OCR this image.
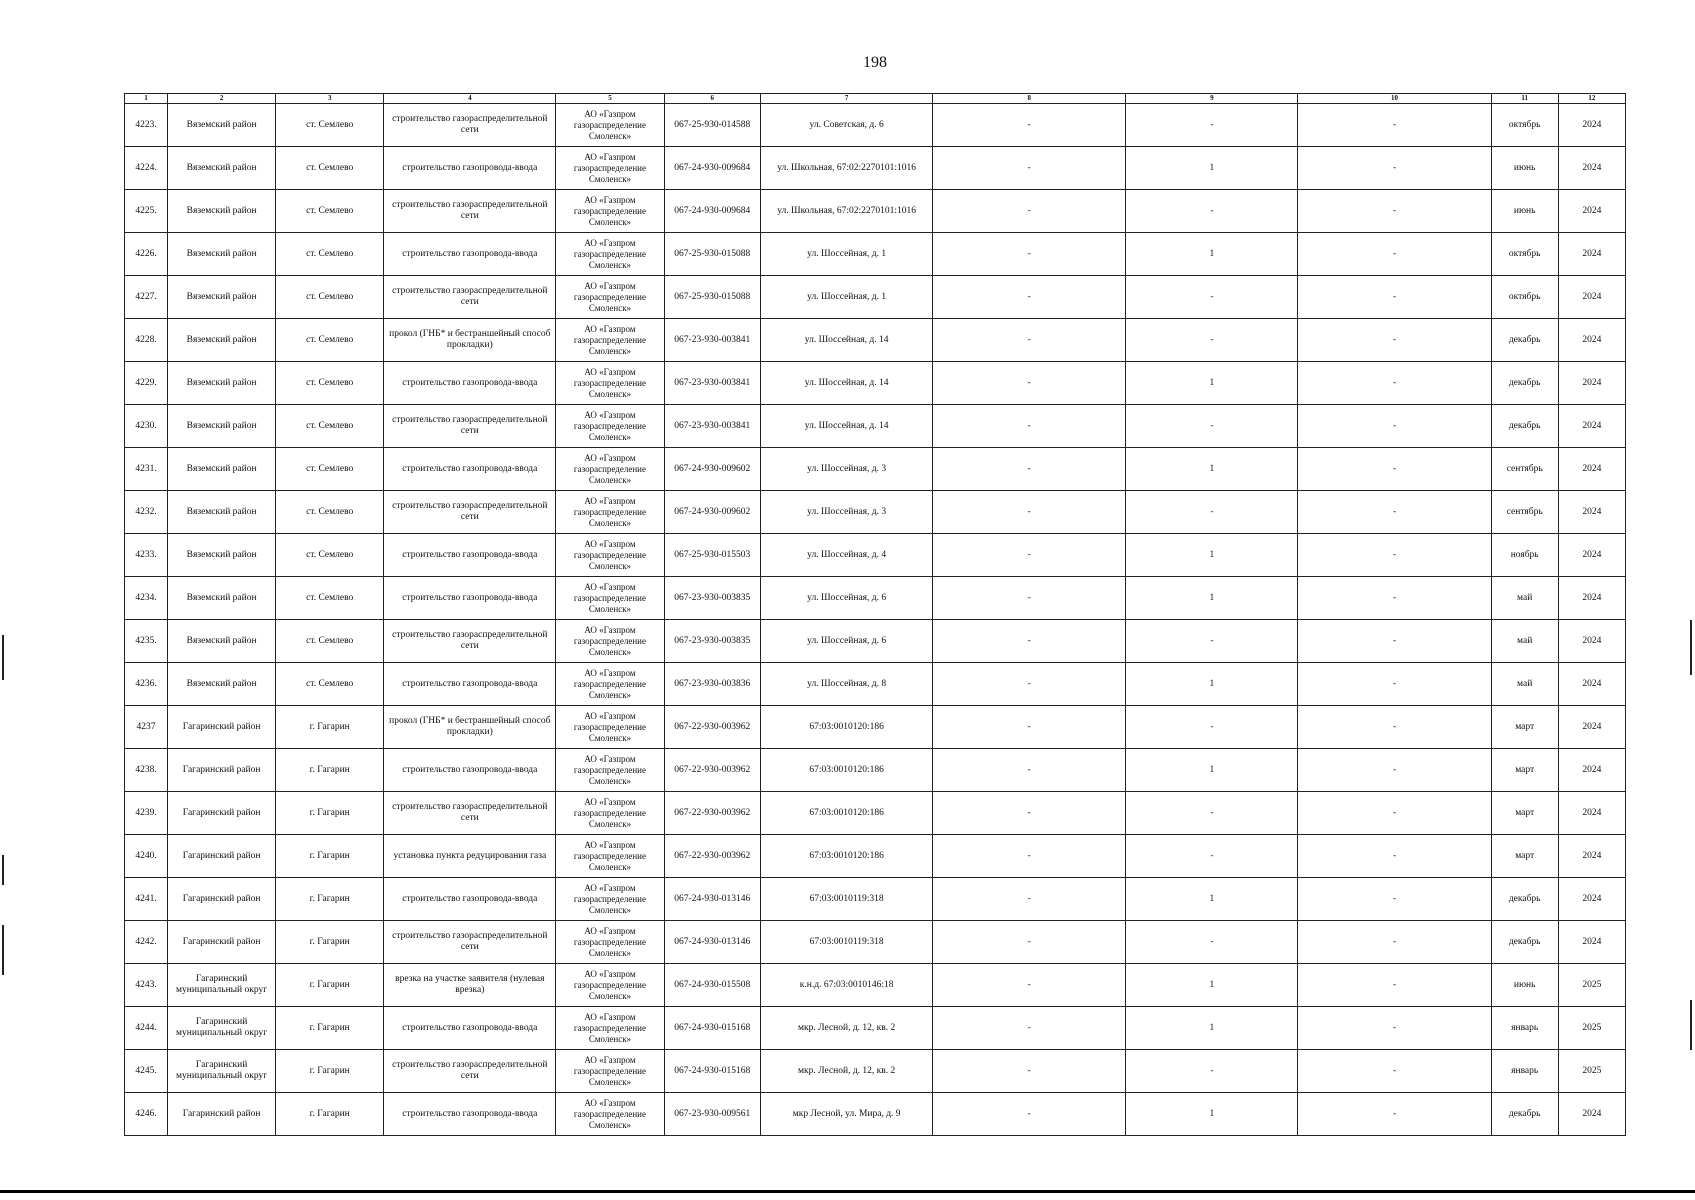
198
1	2	3	4	5	6	7	8	9	10	11	12
4223.	Вяземский район	ст. Семлево	строительство газораспределительной сети	АО «Газпром газораспределение Смоленск»	067-25-930-014588	ул. Советская, д. 6	-	-	-	октябрь	2024
4224.	Вяземский район	ст. Семлево	строительство газопровода-ввода	АО «Газпром газораспределение Смоленск»	067-24-930-009684	ул. Школьная, 67:02:2270101:1016	-	1	-	июнь	2024
4225.	Вяземский район	ст. Семлево	строительство газораспределительной сети	АО «Газпром газораспределение Смоленск»	067-24-930-009684	ул. Школьная, 67:02:2270101:1016	-	-	-	июнь	2024
4226.	Вяземский район	ст. Семлево	строительство газопровода-ввода	АО «Газпром газораспределение Смоленск»	067-25-930-015088	ул. Шоссейная, д. 1	-	1	-	октябрь	2024
4227.	Вяземский район	ст. Семлево	строительство газораспределительной сети	АО «Газпром газораспределение Смоленск»	067-25-930-015088	ул. Шоссейная, д. 1	-	-	-	октябрь	2024
4228.	Вяземский район	ст. Семлево	прокол (ГНБ* и бестраншейный способ прокладки)	АО «Газпром газораспределение Смоленск»	067-23-930-003841	ул. Шоссейная, д. 14	-	-	-	декабрь	2024
4229.	Вяземский район	ст. Семлево	строительство газопровода-ввода	АО «Газпром газораспределение Смоленск»	067-23-930-003841	ул. Шоссейная, д. 14	-	1	-	декабрь	2024
4230.	Вяземский район	ст. Семлево	строительство газораспределительной сети	АО «Газпром газораспределение Смоленск»	067-23-930-003841	ул. Шоссейная, д. 14	-	-	-	декабрь	2024
4231.	Вяземский район	ст. Семлево	строительство газопровода-ввода	АО «Газпром газораспределение Смоленск»	067-24-930-009602	ул. Шоссейная, д. 3	-	1	-	сентябрь	2024
4232.	Вяземский район	ст. Семлево	строительство газораспределительной сети	АО «Газпром газораспределение Смоленск»	067-24-930-009602	ул. Шоссейная, д. 3	-	-	-	сентябрь	2024
4233.	Вяземский район	ст. Семлево	строительство газопровода-ввода	АО «Газпром газораспределение Смоленск»	067-25-930-015503	ул. Шоссейная, д. 4	-	1	-	ноябрь	2024
4234.	Вяземский район	ст. Семлево	строительство газопровода-ввода	АО «Газпром газораспределение Смоленск»	067-23-930-003835	ул. Шоссейная, д. 6	-	1	-	май	2024
4235.	Вяземский район	ст. Семлево	строительство газораспределительной сети	АО «Газпром газораспределение Смоленск»	067-23-930-003835	ул. Шоссейная, д. 6	-	-	-	май	2024
4236.	Вяземский район	ст. Семлево	строительство газопровода-ввода	АО «Газпром газораспределение Смоленск»	067-23-930-003836	ул. Шоссейная, д. 8	-	1	-	май	2024
4237	Гагаринский район	г. Гагарин	прокол (ГНБ* и бестраншейный способ прокладки)	АО «Газпром газораспределение Смоленск»	067-22-930-003962	67:03:0010120:186	-	-	-	март	2024
4238.	Гагаринский район	г. Гагарин	строительство газопровода-ввода	АО «Газпром газораспределение Смоленск»	067-22-930-003962	67:03:0010120:186	-	1	-	март	2024
4239.	Гагаринский район	г. Гагарин	строительство газораспределительной сети	АО «Газпром газораспределение Смоленск»	067-22-930-003962	67:03:0010120:186	-	-	-	март	2024
4240.	Гагаринский район	г. Гагарин	установка пункта редуцирования газа	АО «Газпром газораспределение Смоленск»	067-22-930-003962	67:03:0010120:186	-	-	-	март	2024
4241.	Гагаринский район	г. Гагарин	строительство газопровода-ввода	АО «Газпром газораспределение Смоленск»	067-24-930-013146	67:03:0010119:318	-	1	-	декабрь	2024
4242.	Гагаринский район	г. Гагарин	строительство газораспределительной сети	АО «Газпром газораспределение Смоленск»	067-24-930-013146	67:03:0010119:318	-	-	-	декабрь	2024
4243.	Гагаринский муниципальный округ	г. Гагарин	врезка на участке заявителя (нулевая врезка)	АО «Газпром газораспределение Смоленск»	067-24-930-015508	к.н.д. 67:03:0010146:18	-	1	-	июнь	2025
4244.	Гагаринский муниципальный округ	г. Гагарин	строительство газопровода-ввода	АО «Газпром газораспределение Смоленск»	067-24-930-015168	мкр. Лесной, д. 12, кв. 2	-	1	-	январь	2025
4245.	Гагаринский муниципальный округ	г. Гагарин	строительство газораспределительной сети	АО «Газпром газораспределение Смоленск»	067-24-930-015168	мкр. Лесной, д. 12, кв. 2	-	-	-	январь	2025
4246.	Гагаринский район	г. Гагарин	строительство газопровода-ввода	АО «Газпром газораспределение Смоленск»	067-23-930-009561	мкр Лесной, ул. Мира, д. 9	-	1	-	декабрь	2024
